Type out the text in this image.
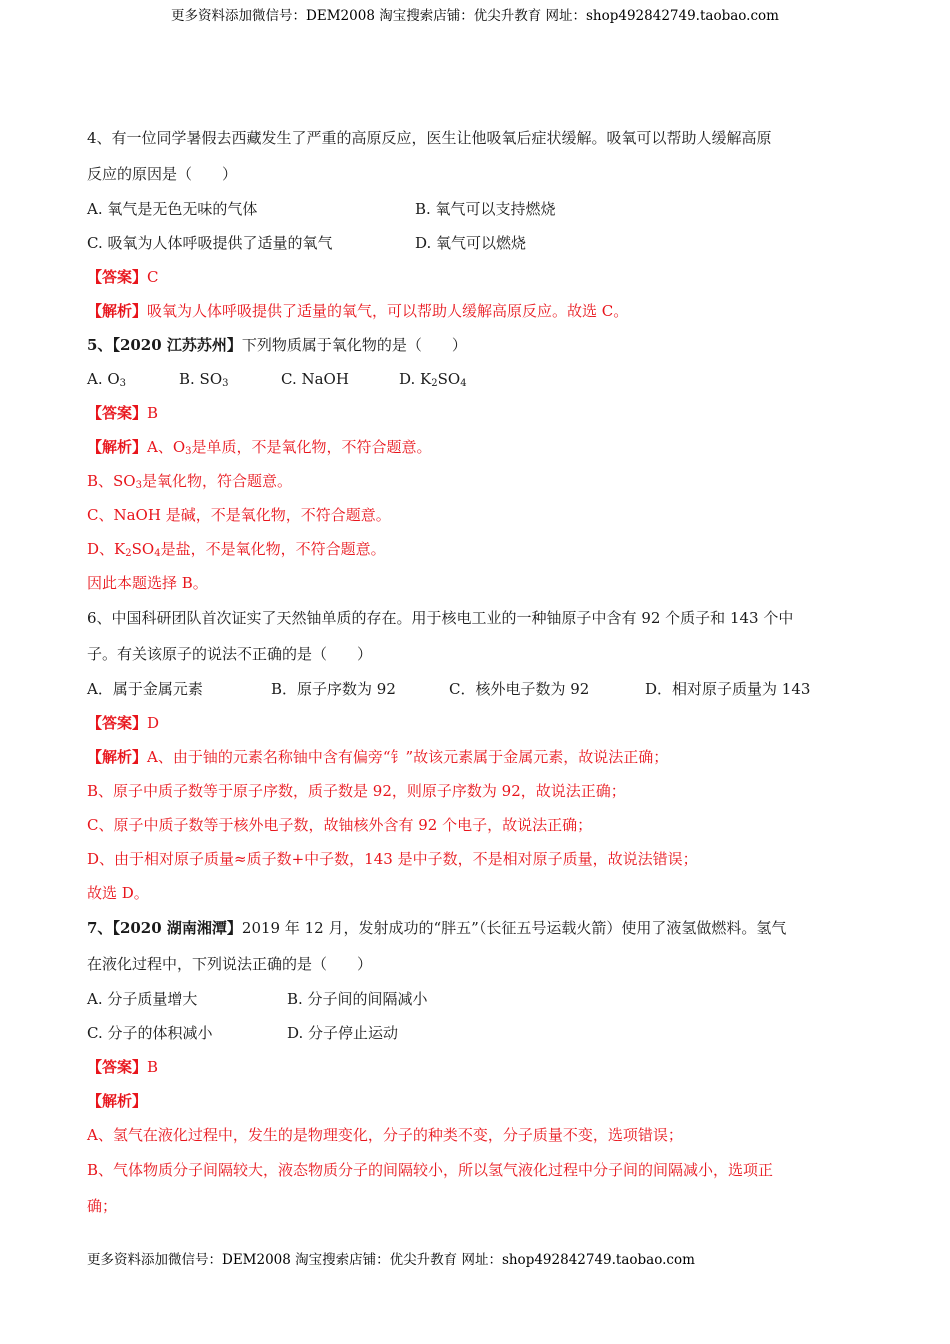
更多资料添加微信号：DEM2008 淘宝搜索店铺：优尖升教育 网址：shop492842749.taobao.com
4、有一位同学暑假去西藏发生了严重的高原反应，医生让他吸氧后症状缓解。吸氧可以帮助人缓解高原
反应的原因是（　　）
A. 氧气是无色无味的气体	B. 氧气可以支持燃烧
C. 吸氧为人体呼吸提供了适量的氧气	D. 氧气可以燃烧
【答案】C
【解析】吸氧为人体呼吸提供了适量的氧气，可以帮助人缓解高原反应。故选 C。
5、【2020 江苏苏州】下列物质属于氧化物的是（　　）
A. $O_3$	B. $SO_3$	C. NaOH	D. $K_2SO_4$
【答案】B
【解析】A、$O_3$是单质，不是氧化物，不符合题意。
B、$SO_3$是氧化物，符合题意。
C、NaOH 是碱，不是氧化物，不符合题意。
D、$K_2SO_4$是盐，不是氧化物，不符合题意。
因此本题选择 B。
6、中国科研团队首次证实了天然铀单质的存在。用于核电工业的一种铀原子中含有 92 个质子和 143 个中
子。有关该原子的说法不正确的是（　　）
A．属于金属元素	B．原子序数为 92	C．核外电子数为 92	D．相对原子质量为 143
【答案】D
【解析】A、由于铀的元素名称铀中含有偏旁“钅”故该元素属于金属元素，故说法正确；
B、原子中质子数等于原子序数，质子数是 92，则原子序数为 92，故说法正确；
C、原子中质子数等于核外电子数，故铀核外含有 92 个电子，故说法正确；
D、由于相对原子质量≈质子数+中子数，143 是中子数，不是相对原子质量，故说法错误；
故选 D。
7、【2020 湖南湘潭】2019 年 12 月，发射成功的“胖五”（长征五号运载火箭）使用了液氢做燃料。氢气
在液化过程中，下列说法正确的是（　　）
A. 分子质量增大	B. 分子间的间隔减小
C. 分子的体积减小	D. 分子停止运动
【答案】B
【解析】
A、氢气在液化过程中，发生的是物理变化，分子的种类不变，分子质量不变，选项错误；
B、气体物质分子间隔较大，液态物质分子的间隔较小，所以氢气液化过程中分子间的间隔减小，选项正
确；
更多资料添加微信号：DEM2008 淘宝搜索店铺：优尖升教育 网址：shop492842749.taobao.com
